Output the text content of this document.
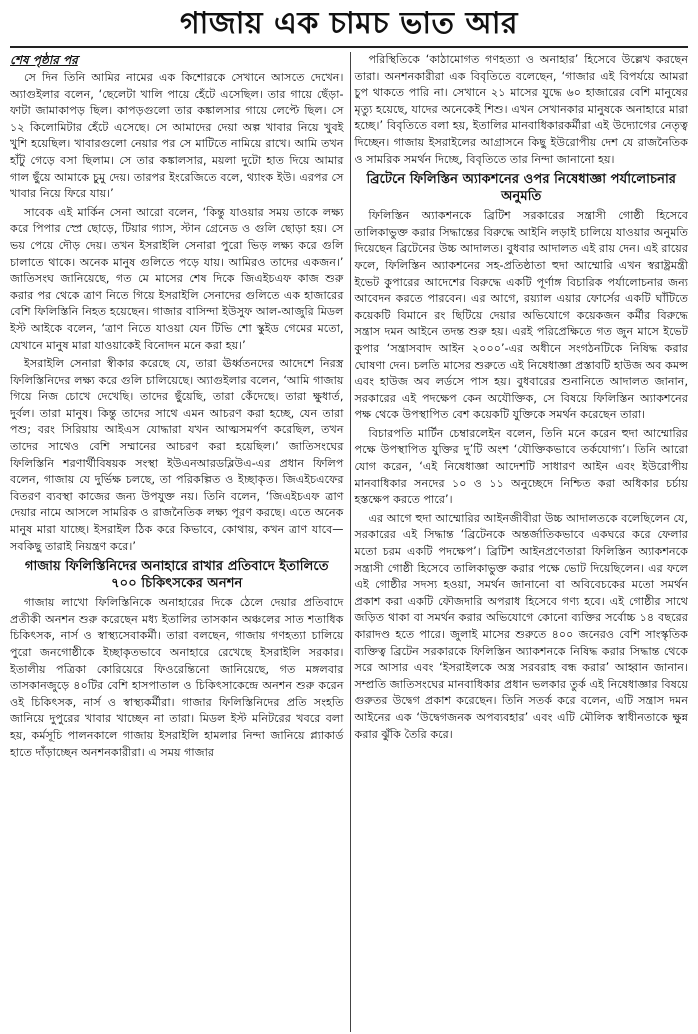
গাজায় এক চামচ ভাত আর
শেষ পৃষ্ঠার পর

সে দিন তিনি আমির নামের এক কিশোরকে সেখানে আসতে দেখেন। অ্যাগুইলার বলেন, ‘ছেলেটা খালি পায়ে হেঁটে এসেছিল। তার গায়ে ছেঁড়া-ফাটা জামাকাপড় ছিল। কাপড়গুলো তার কঙ্কালসার গায়ে লেপ্টে ছিল। সে ১২ কিলোমিটার হেঁটে এসেছে। সে আমাদের দেয়া অল্প খাবার নিয়ে খুবই খুশি হয়েছিল। খাবারগুলো নেয়ার পর সে মাটিতে নামিয়ে রাখে। আমি তখন হাঁটু গেড়ে বসা ছিলাম। সে তার কঙ্কালসার, ময়লা দুটো হাত দিয়ে আমার গাল ছুঁয়ে আমাকে চুমু দেয়। তারপর ইংরেজিতে বলে, থ্যাংক ইউ। এরপর সে খাবার নিয়ে ফিরে যায়।’

সাবেক এই মার্কিন সেনা আরো বলেন, ‘কিন্তু যাওয়ার সময় তাকে লক্ষ্য করে পিপার স্প্রে ছোড়ে, টিয়ার গ্যাস, স্টান গ্রেনেড ও গুলি ছোড়া হয়। সে ভয় পেয়ে দৌড় দেয়। তখন ইসরাইলি সেনারা পুরো ভিড় লক্ষ্য করে গুলি চালাতে থাকে। অনেক মানুষ গুলিতে পড়ে যায়। আমিরও তাদের একজন।’ জাতিসংঘ জানিয়েছে, গত মে মাসের শেষ দিকে জিএইচএফ কাজ শুরু করার পর থেকে ত্রাণ নিতে গিয়ে ইসরাইলি সেনাদের গুলিতে এক হাজারের বেশি ফিলিস্তিনি নিহত হয়েছেন। গাজার বাসিন্দা ইউসুফ আল-আজুরি মিডল ইস্ট আইকে বলেন, ‘ত্রাণ নিতে যাওয়া যেন টিভি শো স্কুইড গেমের মতো, যেখানে মানুষ মারা যাওয়াকেই বিনোদন মনে করা হয়।’

ইসরাইলি সেনারা স্বীকার করেছে যে, তারা ঊর্ধ্বতনদের আদেশে নিরস্ত্র ফিলিস্তিনিদের লক্ষ্য করে গুলি চালিয়েছে। অ্যাগুইলার বলেন, ‘আমি গাজায় গিয়ে নিজ চোখে দেখেছি। তাদের ছুঁয়েছি, তারা কেঁদেছে। তারা ক্ষুধার্ত, দুর্বল। তারা মানুষ। কিন্তু তাদের সাথে এমন আচরণ করা হচ্ছে, যেন তারা পশু; বরং সিরিয়ায় আইএস যোদ্ধারা যখন আত্মসমর্পণ করেছিল, তখন তাদের সাথেও বেশি সম্মানের আচরণ করা হয়েছিল।’ জাতিসংঘের ফিলিস্তিনি শরণার্থীবিষয়ক সংস্থা ইউএনআরডব্লিউএ-এর প্রধান ফিলিপ বলেন, গাজায় যে দুর্ভিক্ষ চলছে, তা পরিকল্পিত ও ইচ্ছাকৃত। জিএইচএফের বিতরণ ব্যবস্থা কাজের জন্য উপযুক্ত নয়। তিনি বলেন, ‘জিএইচএফ ত্রাণ দেয়ার নামে আসলে সামরিক ও রাজনৈতিক লক্ষ্য পূরণ করছে। এতে অনেক মানুষ মারা যাচ্ছে। ইসরাইল ঠিক করে কিভাবে, কোথায়, কখন ত্রাণ যাবে— সবকিছু তারাই নিয়ন্ত্রণ করে।’

গাজায় ফিলিস্তিনিদের অনাহারে রাখার প্রতিবাদে ইতালিতে ৭০০ চিকিৎসকের অনশন

গাজায় লাখো ফিলিস্তিনিকে অনাহারের দিকে ঠেলে দেয়ার প্রতিবাদে প্রতীকী অনশন শুরু করেছেন মধ্য ইতালির তাসকান অঞ্চলের সাত শতাধিক চিকিৎসক, নার্স ও স্বাস্থ্যসেবাকর্মী। তারা বলছেন, গাজায় গণহত্যা চালিয়ে পুরো জনগোষ্ঠীকে ইচ্ছাকৃতভাবে অনাহারে রেখেছে ইসরাইলি সরকার। ইতালীয় পত্রিকা কোরিয়েরে ফিওরেন্তিনো জানিয়েছে, গত মঙ্গলবার তাসকানজুড়ে ৪০টির বেশি হাসপাতাল ও চিকিৎসাকেন্দ্রে অনশন শুরু করেন ওই চিকিৎসক, নার্স ও স্বাস্থ্যকর্মীরা। গাজার ফিলিস্তিনিদের প্রতি সংহতি জানিয়ে দুপুরের খাবার খাচ্ছেন না তারা। মিডল ইস্ট মনিটরের খবরে বলা হয়, কর্মসূচি পালনকালে গাজায় ইসরাইলি হামলার নিন্দা জানিয়ে প্ল্যাকার্ড হাতে দাঁড়াচ্ছেন অনশনকারীরা। এ সময় গাজার

পরিস্থিতিকে ‘কাঠামোগত গণহত্যা ও অনাহার’ হিসেবে উল্লেখ করছেন তারা। অনশনকারীরা এক বিবৃতিতে বলেছেন, ‘গাজার এই বিপর্যয়ে আমরা চুপ থাকতে পারি না। সেখানে ২১ মাসের যুদ্ধে ৬০ হাজারের বেশি মানুষের মৃত্যু হয়েছে, যাদের অনেকেই শিশু। এখন সেখানকার মানুষকে অনাহারে মারা হচ্ছে।’ বিবৃতিতে বলা হয়, ইতালির মানবাধিকারকর্মীরা এই উদ্যোগের নেতৃত্ব দিচ্ছেন। গাজায় ইসরাইলের আগ্রাসনে কিছু ইউরোপীয় দেশ যে রাজনৈতিক ও সামরিক সমর্থন দিচ্ছে, বিবৃতিতে তার নিন্দা জানানো হয়।

ব্রিটেনে ফিলিস্তিন অ্যাকশনের ওপর নিষেধাজ্ঞা পর্যালোচনার অনুমতি

ফিলিস্তিন অ্যাকশনকে ব্রিটিশ সরকারের সন্ত্রাসী গোষ্ঠী হিসেবে তালিকাভুক্ত করার সিদ্ধান্তের বিরুদ্ধে আইনি লড়াই চালিয়ে যাওয়ার অনুমতি দিয়েছেন ব্রিটেনের উচ্চ আদালত। বুধবার আদালত এই রায় দেন। এই রায়ের ফলে, ফিলিস্তিন অ্যাকশনের সহ-প্রতিষ্ঠাতা হুদা আম্মোরি এখন স্বরাষ্ট্রমন্ত্রী ইভেট কুপারের আদেশের বিরুদ্ধে একটি পূর্ণাঙ্গ বিচারিক পর্যালোচনার জন্য আবেদন করতে পারবেন। এর আগে, রয়্যাল এয়ার ফোর্সের একটি ঘাঁটিতে কয়েকটি বিমানে রং ছিটিয়ে দেয়ার অভিযোগে কয়েকজন কর্মীর বিরুদ্ধে সন্ত্রাস দমন আইনে তদন্ত শুরু হয়। এরই পরিপ্রেক্ষিতে গত জুন মাসে ইভেট কুপার ‘সন্ত্রাসবাদ আইন ২০০০’-এর অধীনে সংগঠনটিকে নিষিদ্ধ করার ঘোষণা দেন। চলতি মাসের শুরুতে এই নিষেধাজ্ঞা প্রস্তাবটি হাউজ অব কমন্স এবং হাউজ অব লর্ডসে পাস হয়। বুধবারের শুনানিতে আদালত জানান, সরকারের এই পদক্ষেপ কেন অযৌক্তিক, সে বিষয়ে ফিলিস্তিন অ্যাকশনের পক্ষ থেকে উপস্থাপিত বেশ কয়েকটি যুক্তিকে সমর্থন করেছেন তারা।

বিচারপতি মার্টিন চেম্বারলেইন বলেন, তিনি মনে করেন হুদা আম্মোরির পক্ষে উপস্থাপিত যুক্তির দু’টি অংশ ‘যৌক্তিকভাবে তর্কযোগ্য’। তিনি আরো যোগ করেন, ‘এই নিষেধাজ্ঞা আদেশটি সাধারণ আইন এবং ইউরোপীয় মানবাধিকার সনদের ১০ ও ১১ অনুচ্ছেদে নিশ্চিত করা অধিকার চর্চায় হস্তক্ষেপ করতে পারে’।

এর আগে হুদা আম্মোরির আইনজীবীরা উচ্চ আদালতকে বলেছিলেন যে, সরকারের এই সিদ্ধান্ত ‘ব্রিটেনকে অন্তর্জাতিকভাবে একঘরে করে ফেলার মতো চরম একটি পদক্ষেপ’। ব্রিটিশ আইনপ্রণেতারা ফিলিস্তিন অ্যাকশনকে সন্ত্রাসী গোষ্ঠী হিসেবে তালিকাভুক্ত করার পক্ষে ভোট দিয়েছিলেন। এর ফলে এই গোষ্ঠীর সদস্য হওয়া, সমর্থন জানানো বা অবিবেচকের মতো সমর্থন প্রকাশ করা একটি ফৌজদারি অপরাধ হিসেবে গণ্য হবে। এই গোষ্ঠীর সাথে জড়িত থাকা বা সমর্থন করার অভিযোগে কোনো ব্যক্তির সর্বোচ্চ ১৪ বছরের কারাদণ্ড হতে পারে। জুলাই মাসের শুরুতে ৪০০ জনেরও বেশি সাংস্কৃতিক ব্যক্তিত্ব ব্রিটেন সরকারকে ফিলিস্তিন অ্যাকশনকে নিষিদ্ধ করার সিদ্ধান্ত থেকে সরে আসার এবং ‘ইসরাইলকে অস্ত্র সরবরাহ বন্ধ করার’ আহ্বান জানান। সম্প্রতি জাতিসংঘের মানবাধিকার প্রধান ভলকার তুর্ক এই নিষেধাজ্ঞার বিষয়ে গুরুতর উদ্বেগ প্রকাশ করেছেন। তিনি সতর্ক করে বলেন, এটি সন্ত্রাস দমন আইনের এক ‘উদ্বেগজনক অপব্যবহার’ এবং এটি মৌলিক স্বাধীনতাকে ক্ষুন্ন করার ঝুঁকি তৈরি করে।
